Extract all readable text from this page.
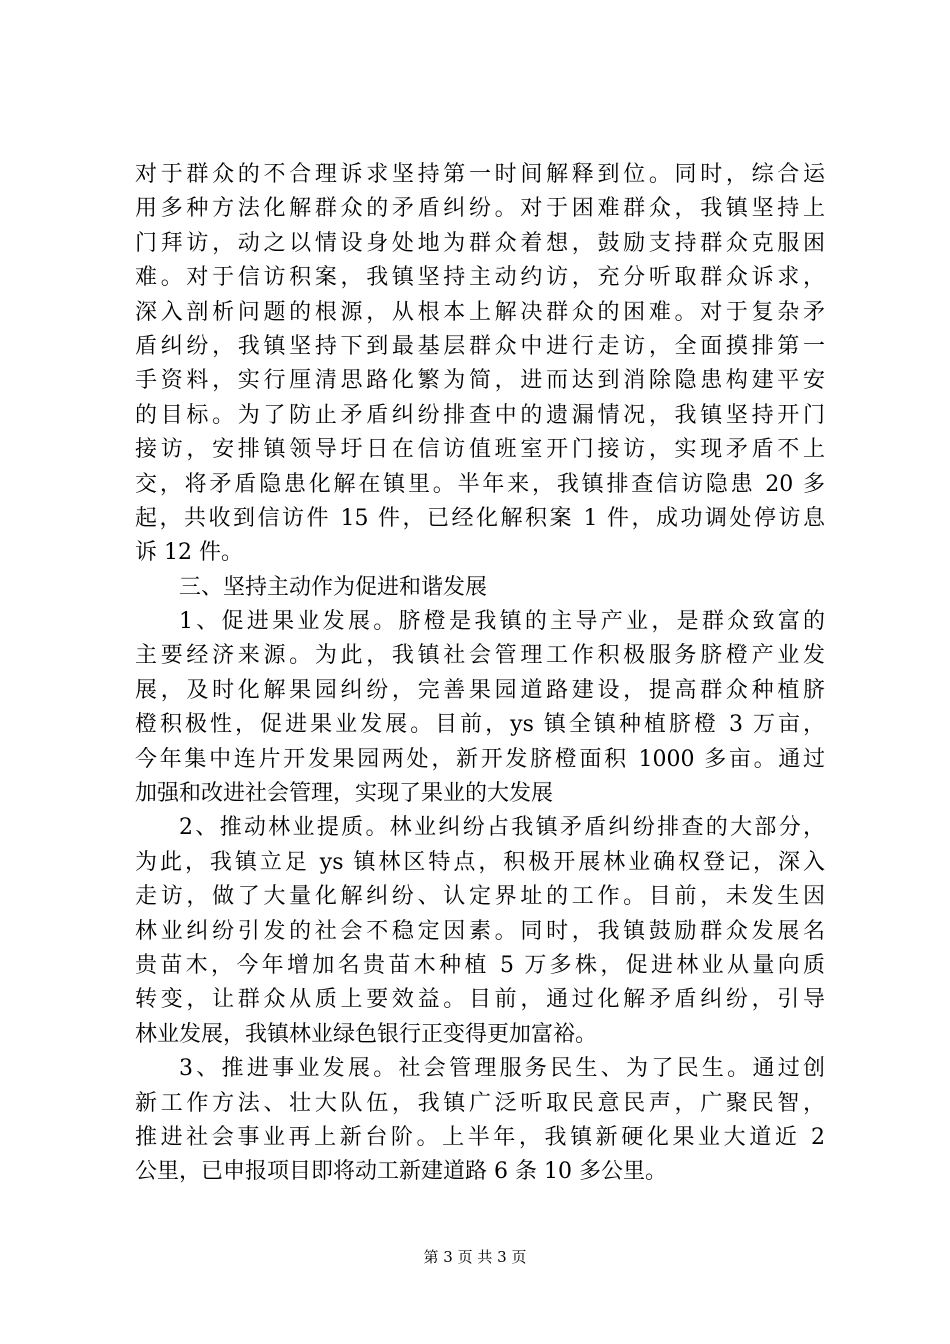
对于群众的不合理诉求坚持第一时间解释到位。同时，综合运
用多种方法化解群众的矛盾纠纷。对于困难群众，我镇坚持上
门拜访，动之以情设身处地为群众着想，鼓励支持群众克服困
难。对于信访积案，我镇坚持主动约访，充分听取群众诉求，
深入剖析问题的根源，从根本上解决群众的困难。对于复杂矛
盾纠纷，我镇坚持下到最基层群众中进行走访，全面摸排第一
手资料，实行厘清思路化繁为简，进而达到消除隐患构建平安
的目标。为了防止矛盾纠纷排查中的遗漏情况，我镇坚持开门
接访，安排镇领导圩日在信访值班室开门接访，实现矛盾不上
交，将矛盾隐患化解在镇里。半年来，我镇排查信访隐患 20 多
起，共收到信访件 15 件，已经化解积案 1 件，成功调处停访息
诉 12 件。
三、坚持主动作为促进和谐发展
1、促进果业发展。脐橙是我镇的主导产业，是群众致富的
主要经济来源。为此，我镇社会管理工作积极服务脐橙产业发
展，及时化解果园纠纷，完善果园道路建设，提高群众种植脐
橙积极性，促进果业发展。目前，ys 镇全镇种植脐橙 3 万亩，
今年集中连片开发果园两处，新开发脐橙面积 1000 多亩。通过
加强和改进社会管理，实现了果业的大发展
2、推动林业提质。林业纠纷占我镇矛盾纠纷排查的大部分，
为此，我镇立足 ys 镇林区特点，积极开展林业确权登记，深入
走访，做了大量化解纠纷、认定界址的工作。目前，未发生因
林业纠纷引发的社会不稳定因素。同时，我镇鼓励群众发展名
贵苗木，今年增加名贵苗木种植 5 万多株，促进林业从量向质
转变，让群众从质上要效益。目前，通过化解矛盾纠纷，引导
林业发展，我镇林业绿色银行正变得更加富裕。
3、推进事业发展。社会管理服务民生、为了民生。通过创
新工作方法、壮大队伍，我镇广泛听取民意民声，广聚民智，
推进社会事业再上新台阶。上半年，我镇新硬化果业大道近 2
公里，已申报项目即将动工新建道路 6 条 10 多公里。
第 3 页 共 3 页
